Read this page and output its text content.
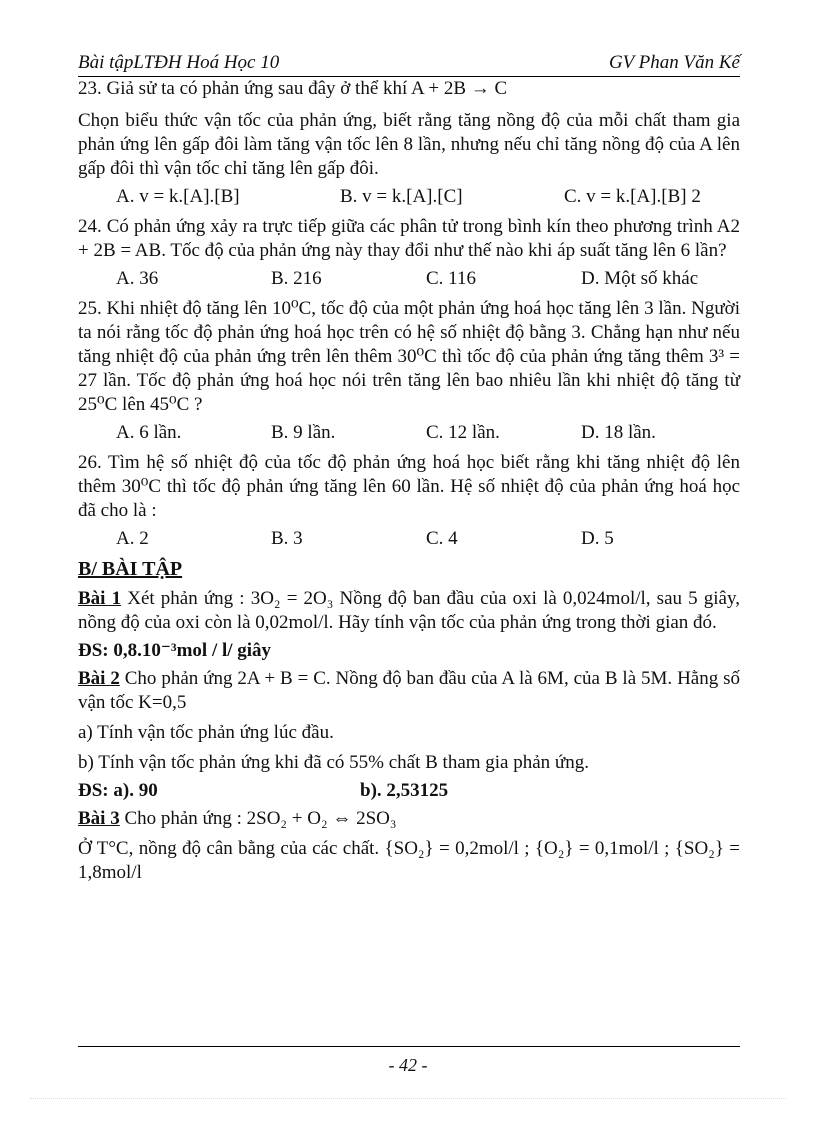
Bài tậpLTĐH Hoá Học 10	GV Phan Văn Kế

23. Giả sử ta có phản ứng sau đây ở thể khí A + 2B → C

Chọn biểu thức vận tốc của phản ứng, biết rằng tăng nồng độ của mỗi chất tham gia phản ứng lên gấp đôi làm tăng vận tốc lên 8 lần, nhưng nếu chỉ tăng nồng độ của A lên gấp đôi thì vận tốc chỉ tăng lên gấp đôi.

A. v = k.[A].[B]	B. v = k.[A].[C]	C. v = k.[A].[B] 2

24. Có phản ứng xảy ra trực tiếp giữa các phân tử trong bình kín theo phương trình A2 + 2B = AB. Tốc độ của phản ứng này thay đổi như thế nào khi áp suất tăng lên 6 lần?

A. 36	B. 216	C. 116	D. Một số khác

25. Khi nhiệt độ tăng lên 10⁰C, tốc độ của một phản ứng hoá học tăng lên 3 lần. Người ta nói rằng tốc độ phản ứng hoá học trên có hệ số nhiệt độ bằng 3. Chẳng hạn như nếu tăng nhiệt độ của phản ứng trên lên thêm 30⁰C thì tốc độ của phản ứng tăng thêm 3³ = 27 lần. Tốc độ phản ứng hoá học nói trên tăng lên bao nhiêu lần khi nhiệt độ tăng từ 25⁰C lên 45⁰C ?

A. 6 lần.	B. 9 lần.	C. 12 lần.	D. 18 lần.

26. Tìm hệ số nhiệt độ của tốc độ phản ứng hoá học biết rằng khi tăng nhiệt độ lên thêm 30⁰C thì tốc độ phản ứng tăng lên 60 lần. Hệ số nhiệt độ của phản ứng hoá học đã cho là :

A. 2	B. 3	C. 4	D. 5
B/ BÀI TẬP

Bài 1 Xét phản ứng : 3O₂ = 2O₃ Nồng độ ban đầu của oxi là 0,024mol/l, sau 5 giây, nồng độ của oxi còn là 0,02mol/l. Hãy tính vận tốc của phản ứng trong thời gian đó.

ĐS: 0,8.10⁻³mol / l/ giây

Bài 2 Cho phản ứng 2A + B = C. Nồng độ ban đầu của A là 6M, của B là 5M. Hằng số vận tốc K=0,5

a) Tính vận tốc phản ứng lúc đầu.

b) Tính vận tốc phản ứng khi đã có 55% chất B tham gia phản ứng.

ĐS: a). 90	b). 2,53125

Bài 3 Cho phản ứng : 2SO₂ + O₂ ⇔ 2SO₃

Ở T°C, nồng độ cân bằng của các chất. {SO₂} = 0,2mol/l ; {O₂} = 0,1mol/l ; {SO₂} = 1,8mol/l

- 42 -
